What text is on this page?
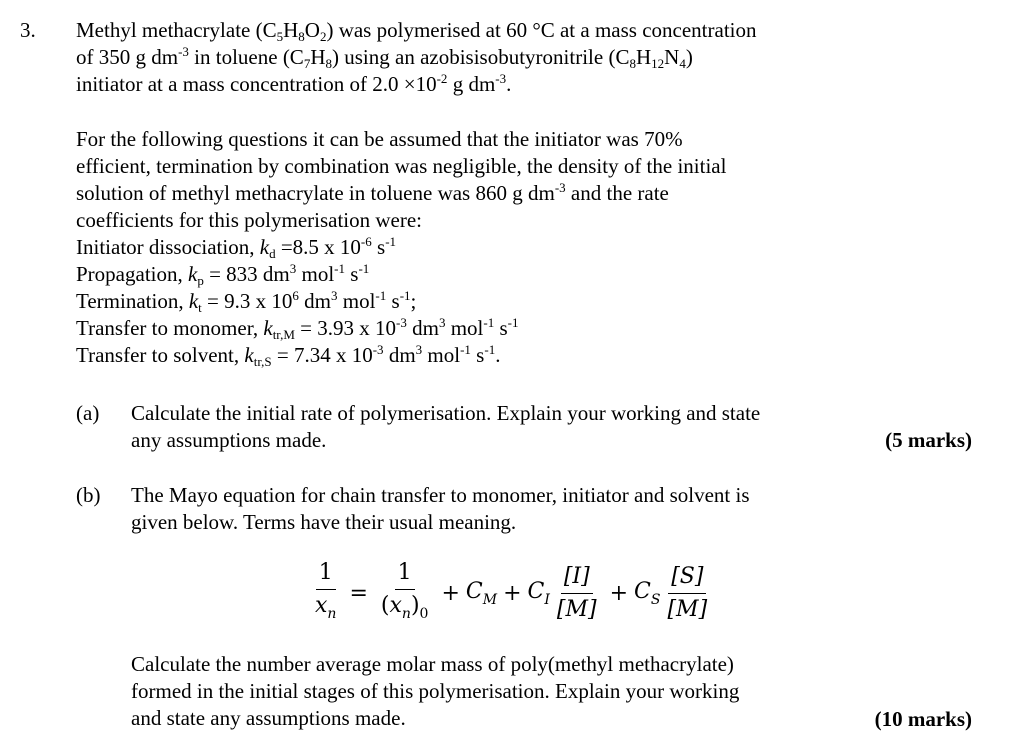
3. Methyl methacrylate $(C_5H_8O_2)$ was polymerised at 60 °C at a mass concentration
of 350 g $dm^{-3}$ in toluene $(C_7H_8)$ using an azobisisobutyronitrile $(C_8H_{12}N_4)$
initiator at a mass concentration of $2.0 \times 10^{-2}$ g $dm^{-3}$.
For the following questions it can be assumed that the initiator was 70%
efficient, termination by combination was negligible, the density of the initial
solution of methyl methacrylate in toluene was 860 g $dm^{-3}$ and the rate
coefficients for this polymerisation were:
Initiator dissociation, $k_d =8.5$ x $10^{-6}$ $s^{-1}$
Propagation, $k_p = 833$ $dm^3$ mol$^{-1}$ $s^{-1}$
Termination, $k_t = 9.3$ x $10^6$ $dm^3$ mol$^{-1}$ $s^{-1}$;
Transfer to monomer, $k_{tr,M} = 3.93$ x $10^{-3}$ $dm^3$ mol$^{-1}$ $s^{-1}$
Transfer to solvent, $k_{tr,S} = 7.34$ x $10^{-3}$ $dm^3$ mol$^{-1}$ $s^{-1}$.
(a) Calculate the initial rate of polymerisation. Explain your working and state
any assumptions made.	(5 marks)
(b) The Mayo equation for chain transfer to monomer, initiator and solvent is
given below. Terms have their usual meaning.
$\frac{1}{x_n} = \frac{1}{(x_n)_0} + C_M + C_I \frac{[I]}{[M]} + C_S \frac{[S]}{[M]}$
Calculate the number average molar mass of poly(methyl methacrylate)
formed in the initial stages of this polymerisation. Explain your working
and state any assumptions made.	(10 marks)
